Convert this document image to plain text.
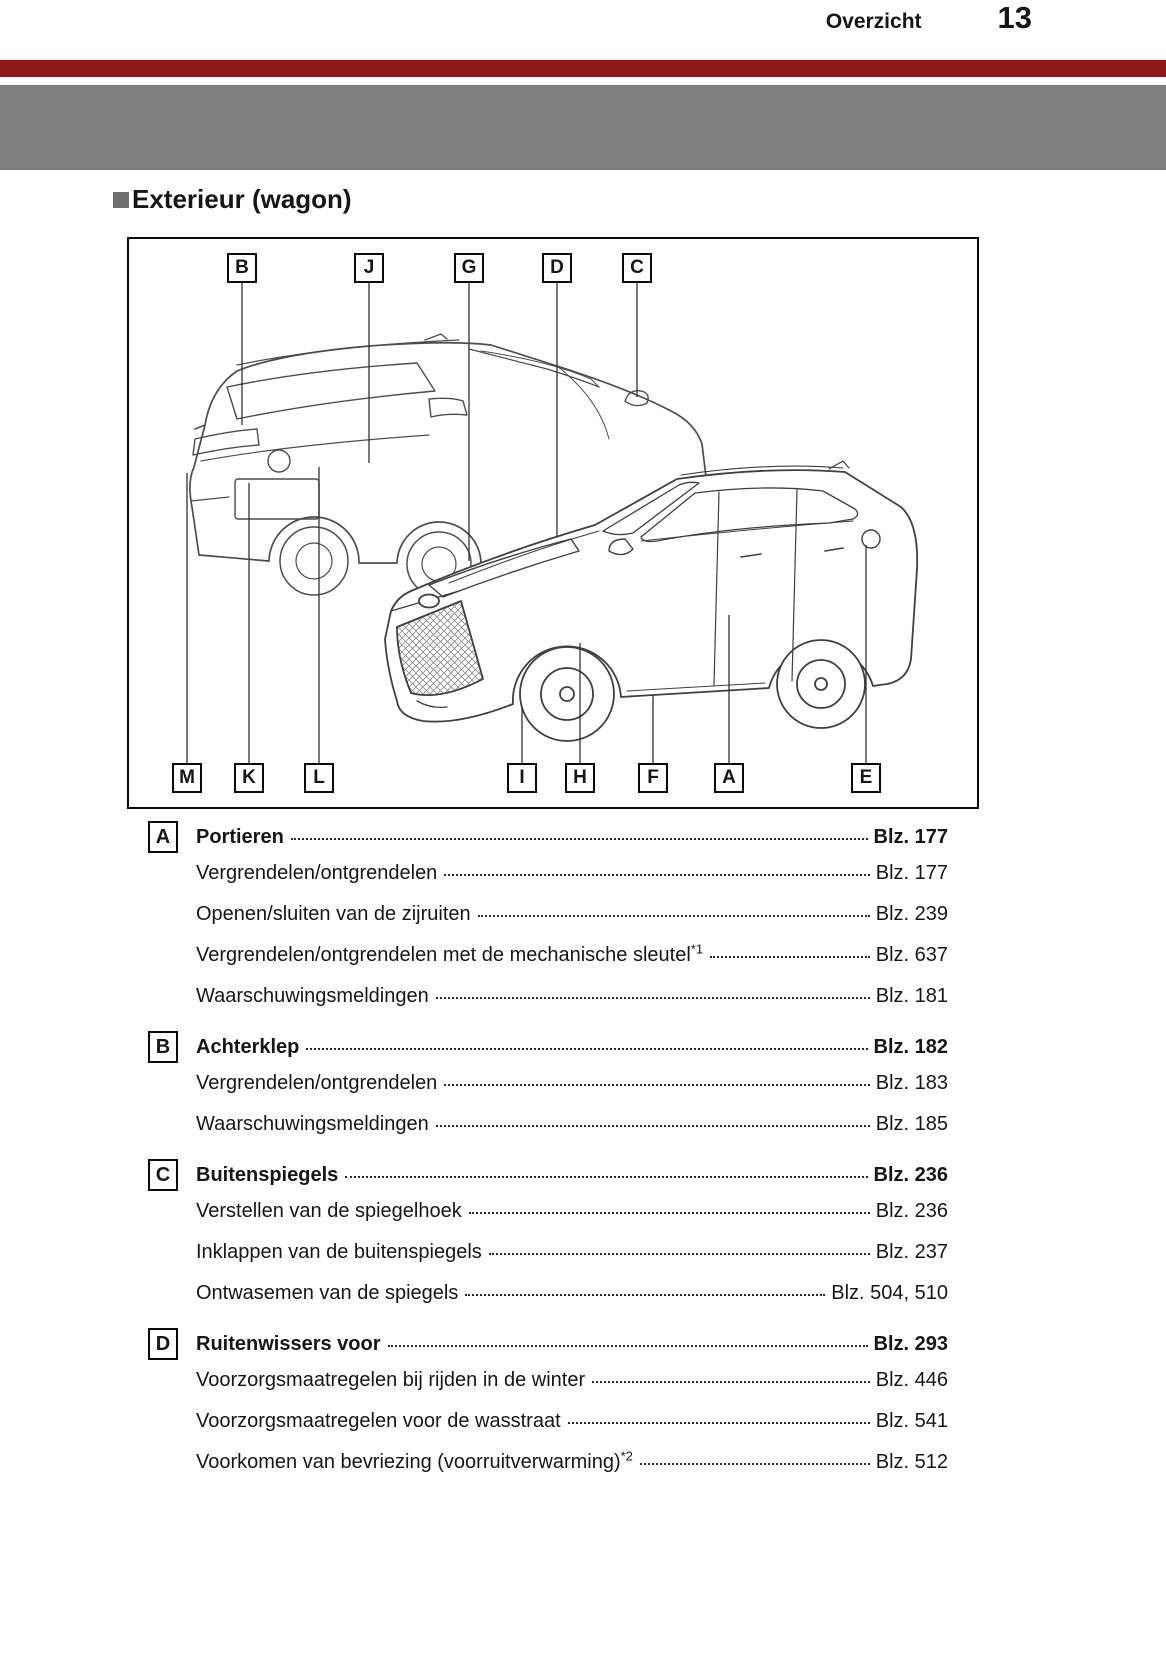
Overzicht 13
Exterieur (wagon)
B	J	G	D	C
M	K	L	I	H	F	A	E
A	Portieren	Blz. 177
Vergrendelen/ontgrendelen	Blz. 177
Openen/sluiten van de zijruiten	Blz. 239
Vergrendelen/ontgrendelen met de mechanische sleutel$^{*1}$	Blz. 637
Waarschuwingsmeldingen	Blz. 181
B	Achterklep	Blz. 182
Vergrendelen/ontgrendelen	Blz. 183
Waarschuwingsmeldingen	Blz. 185
C	Buitenspiegels	Blz. 236
Verstellen van de spiegelhoek	Blz. 236
Inklappen van de buitenspiegels	Blz. 237
Ontwasemen van de spiegels	Blz. 504, 510
D	Ruitenwissers voor	Blz. 293
Voorzorgsmaatregelen bij rijden in de winter	Blz. 446
Voorzorgsmaatregelen voor de wasstraat	Blz. 541
Voorkomen van bevriezing (voorruitverwarming)$^{*2}$	Blz. 512
